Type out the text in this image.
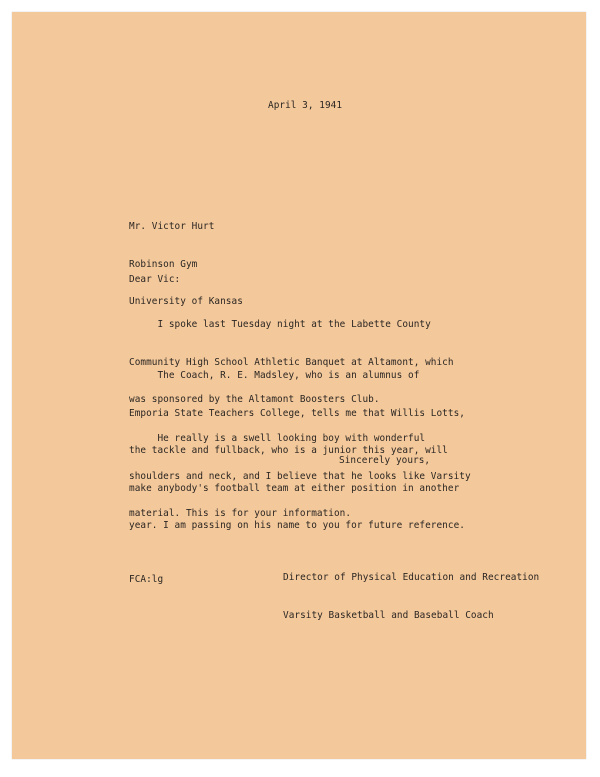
April 3, 1941

Mr. Victor Hurt

Robinson Gym

University of Kansas

Dear Vic:

I spoke last Tuesday night at the Labette County

Community High School Athletic Banquet at Altamont, which

was sponsored by the Altamont Boosters Club.

The Coach, R. E. Madsley, who is an alumnus of

Emporia State Teachers College, tells me that Willis Lotts,

the tackle and fullback, who is a junior this year, will

make anybody's football team at either position in another

year. I am passing on his name to you for future reference.

He really is a swell looking boy with wonderful

shoulders and neck, and I believe that he looks like Varsity

material. This is for your information.

Sincerely yours,

Director of Physical Education and Recreation

Varsity Basketball and Baseball Coach

FCA:lg
